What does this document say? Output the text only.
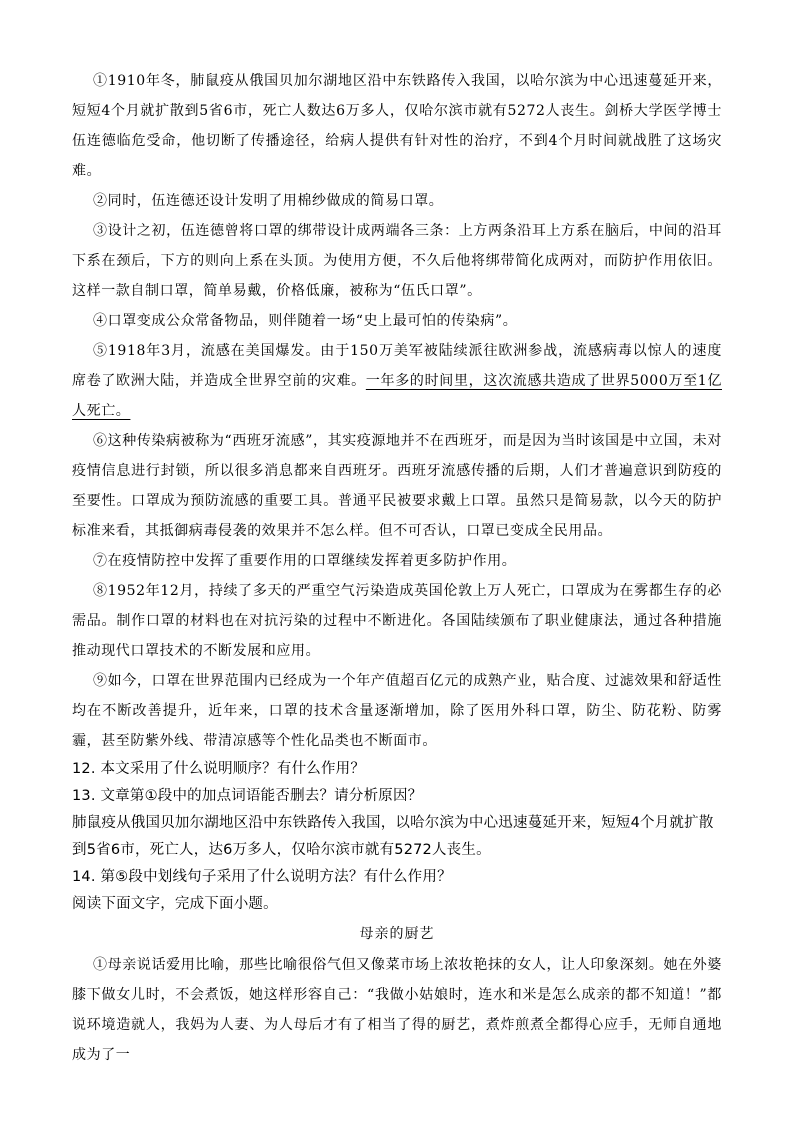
①1910年冬，肺鼠疫从俄国贝加尔湖地区沿中东铁路传入我国，以哈尔滨为中心迅速蔓延开来，短短4个月就扩散到5省6市，死亡人数达6万多人，仅哈尔滨市就有5272人丧生。剑桥大学医学博士伍连德临危受命，他切断了传播途径，给病人提供有针对性的治疗，不到4个月时间就战胜了这场灾难。

②同时，伍连德还设计发明了用棉纱做成的简易口罩。

③设计之初，伍连德曾将口罩的绑带设计成两端各三条：上方两条沿耳上方系在脑后，中间的沿耳下系在颈后，下方的则向上系在头顶。为使用方便，不久后他将绑带简化成两对，而防护作用依旧。这样一款自制口罩，简单易戴，价格低廉，被称为“伍氏口罩”。

④口罩变成公众常备物品，则伴随着一场“史上最可怕的传染病”。

⑤1918年3月，流感在美国爆发。由于150万美军被陆续派往欧洲参战，流感病毒以惊人的速度席卷了欧洲大陆，并造成全世界空前的灾难。一年多的时间里，这次流感共造成了世界5000万至1亿人死亡。

⑥这种传染病被称为“西班牙流感”，其实疫源地并不在西班牙，而是因为当时该国是中立国，未对疫情信息进行封锁，所以很多消息都来自西班牙。西班牙流感传播的后期，人们才普遍意识到防疫的至要性。口罩成为预防流感的重要工具。普通平民被要求戴上口罩。虽然只是简易款，以今天的防护标准来看，其抵御病毒侵袭的效果并不怎么样。但不可否认，口罩已变成全民用品。

⑦在疫情防控中发挥了重要作用的口罩继续发挥着更多防护作用。

⑧1952年12月，持续了多天的严重空气污染造成英国伦敦上万人死亡，口罩成为在雾都生存的必需品。制作口罩的材料也在对抗污染的过程中不断进化。各国陆续颁布了职业健康法，通过各种措施推动现代口罩技术的不断发展和应用。

⑨如今，口罩在世界范围内已经成为一个年产值超百亿元的成熟产业，贴合度、过滤效果和舒适性均在不断改善提升，近年来，口罩的技术含量逐渐增加，除了医用外科口罩，防尘、防花粉、防雾霾，甚至防紫外线、带清凉感等个性化品类也不断面市。

12. 本文采用了什么说明顺序？有什么作用？

13. 文章第①段中的加点词语能否删去？请分析原因？

肺鼠疫从俄国贝加尔湖地区沿中东铁路传入我国，以哈尔滨为中心迅速蔓延开来，短短4个月就扩散到5省6市，死亡人，达6万多人，仅哈尔滨市就有5272人丧生。

14. 第⑤段中划线句子采用了什么说明方法？有什么作用？

阅读下面文字，完成下面小题。

母亲的厨艺

①母亲说话爱用比喻，那些比喻很俗气但又像菜市场上浓妆艳抹的女人，让人印象深刻。她在外婆膝下做女儿时，不会煮饭，她这样形容自己：“我做小姑娘时，连水和米是怎么成亲的都不知道！”都说环境造就人，我妈为人妻、为人母后才有了相当了得的厨艺，煮炸煎煮全都得心应手，无师自通地成为了一
